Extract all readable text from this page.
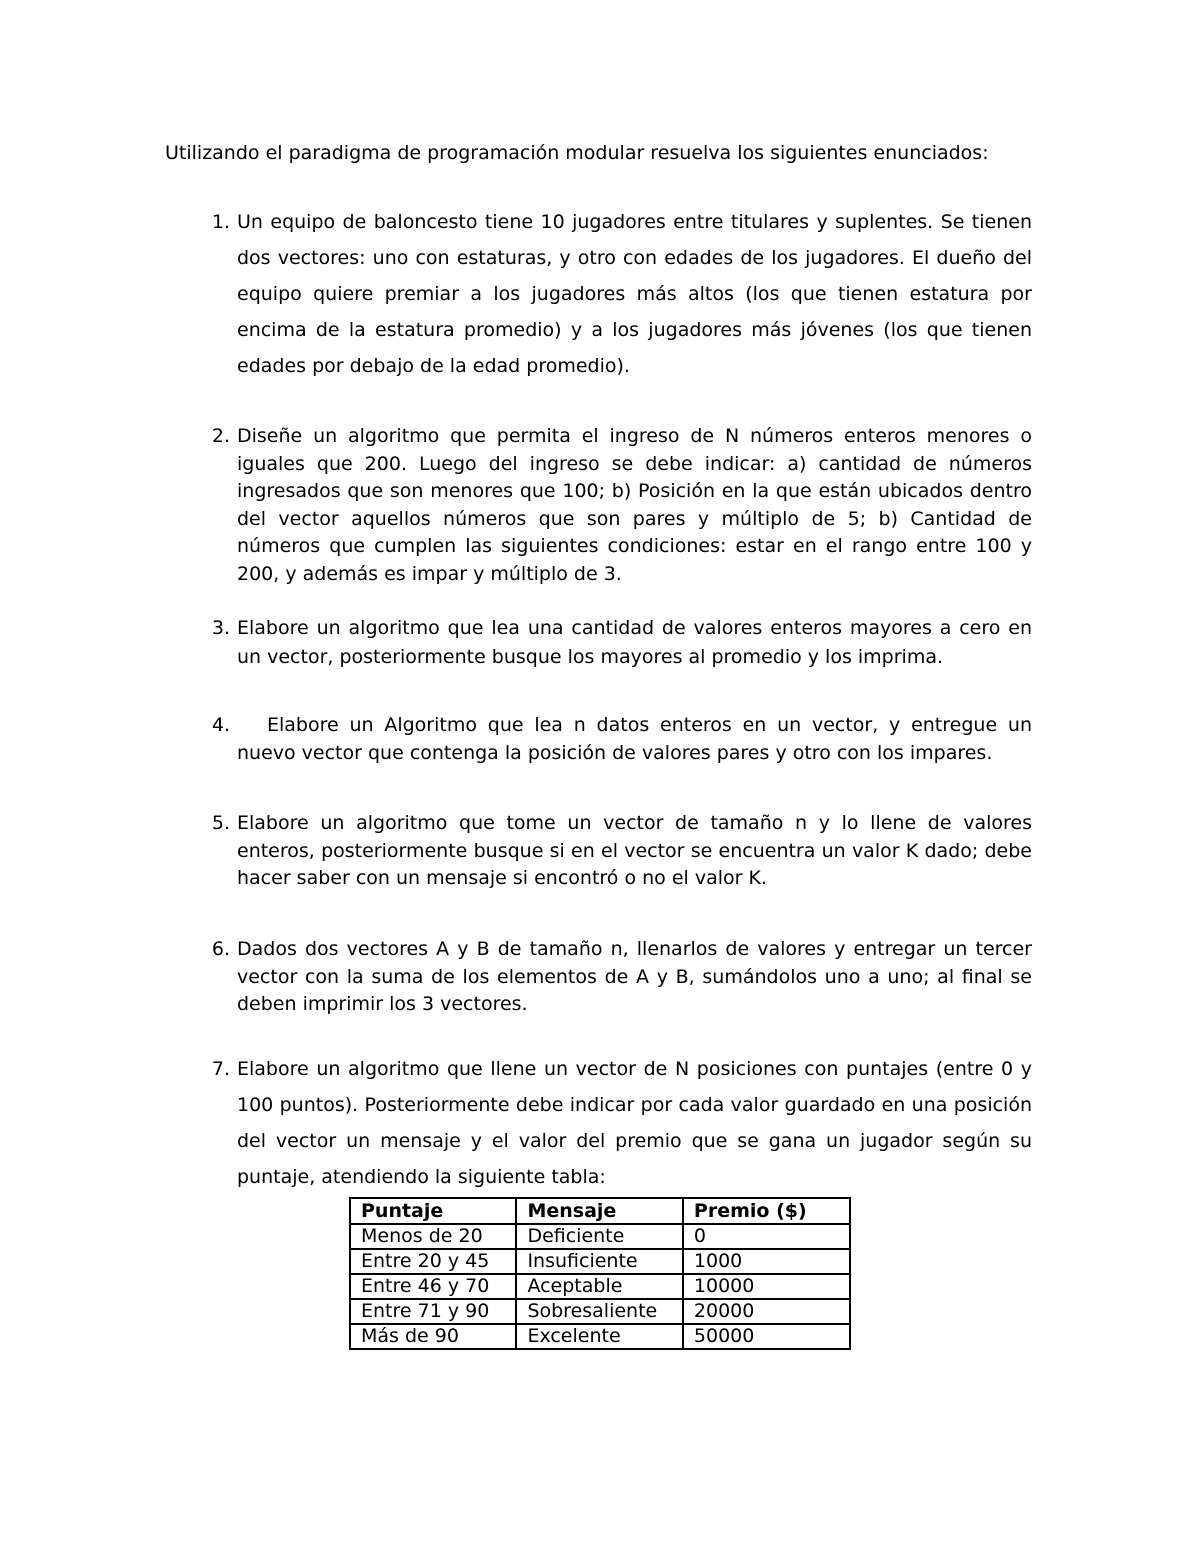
Utilizando el paradigma de programación modular resuelva los siguientes enunciados:
1. Un equipo de baloncesto tiene 10 jugadores entre titulares y suplentes. Se tienen dos vectores: uno con estaturas, y otro con edades de los jugadores. El dueño del equipo quiere premiar a los jugadores más altos (los que tienen estatura por encima de la estatura promedio) y a los jugadores más jóvenes (los que tienen edades por debajo de la edad promedio).
2. Diseñe un algoritmo que permita el ingreso de N números enteros menores o iguales que 200. Luego del ingreso se debe indicar: a) cantidad de números ingresados que son menores que 100; b) Posición en la que están ubicados dentro del vector aquellos números que son pares y múltiplo de 5; b) Cantidad de números que cumplen las siguientes condiciones: estar en el rango entre 100 y 200, y además es impar y múltiplo de 3.
3. Elabore un algoritmo que lea una cantidad de valores enteros mayores a cero en un vector, posteriormente busque los mayores al promedio y los imprima.
4.	Elabore un Algoritmo que lea n datos enteros en un vector, y entregue un nuevo vector que contenga la posición de valores pares y otro con los impares.
5. Elabore un algoritmo que tome un vector de tamaño n y lo llene de valores enteros, posteriormente busque si en el vector se encuentra un valor K dado; debe hacer saber con un mensaje si encontró o no el valor K.
6. Dados dos vectores A y B de tamaño n, llenarlos de valores y entregar un tercer vector con la suma de los elementos de A y B, sumándolos uno a uno; al final se deben imprimir los 3 vectores.
7. Elabore un algoritmo que llene un vector de N posiciones con puntajes (entre 0 y 100 puntos). Posteriormente debe indicar por cada valor guardado en una posición del vector un mensaje y el valor del premio que se gana un jugador según su puntaje, atendiendo la siguiente tabla:
Puntaje	Mensaje	Premio ($)
Menos de 20	Deficiente	0
Entre 20 y 45	Insuficiente	1000
Entre 46 y 70	Aceptable	10000
Entre 71 y 90	Sobresaliente	20000
Más de 90	Excelente	50000
